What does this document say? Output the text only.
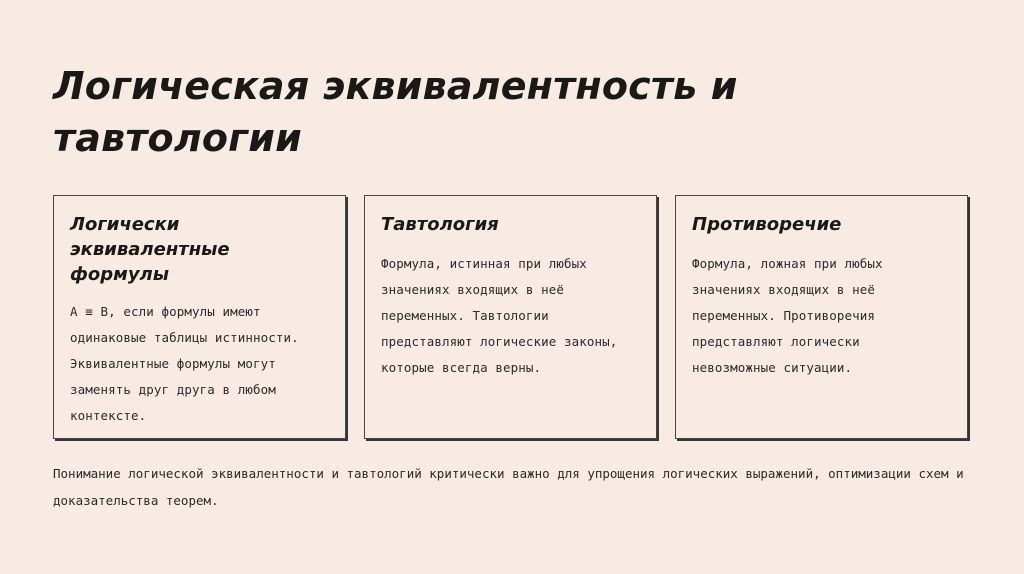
Логическая эквивалентность и тавтологии
Логически эквивалентные формулы

A ≡ B, если формулы имеют одинаковые таблицы истинности. Эквивалентные формулы могут заменять друг друга в любом контексте.

Тавтология

Формула, истинная при любых значениях входящих в неё переменных. Тавтологии представляют логические законы, которые всегда верны.

Противоречие

Формула, ложная при любых значениях входящих в неё переменных. Противоречия представляют логически невозможные ситуации.

Понимание логической эквивалентности и тавтологий критически важно для упрощения логических выражений, оптимизации схем и доказательства теорем.
